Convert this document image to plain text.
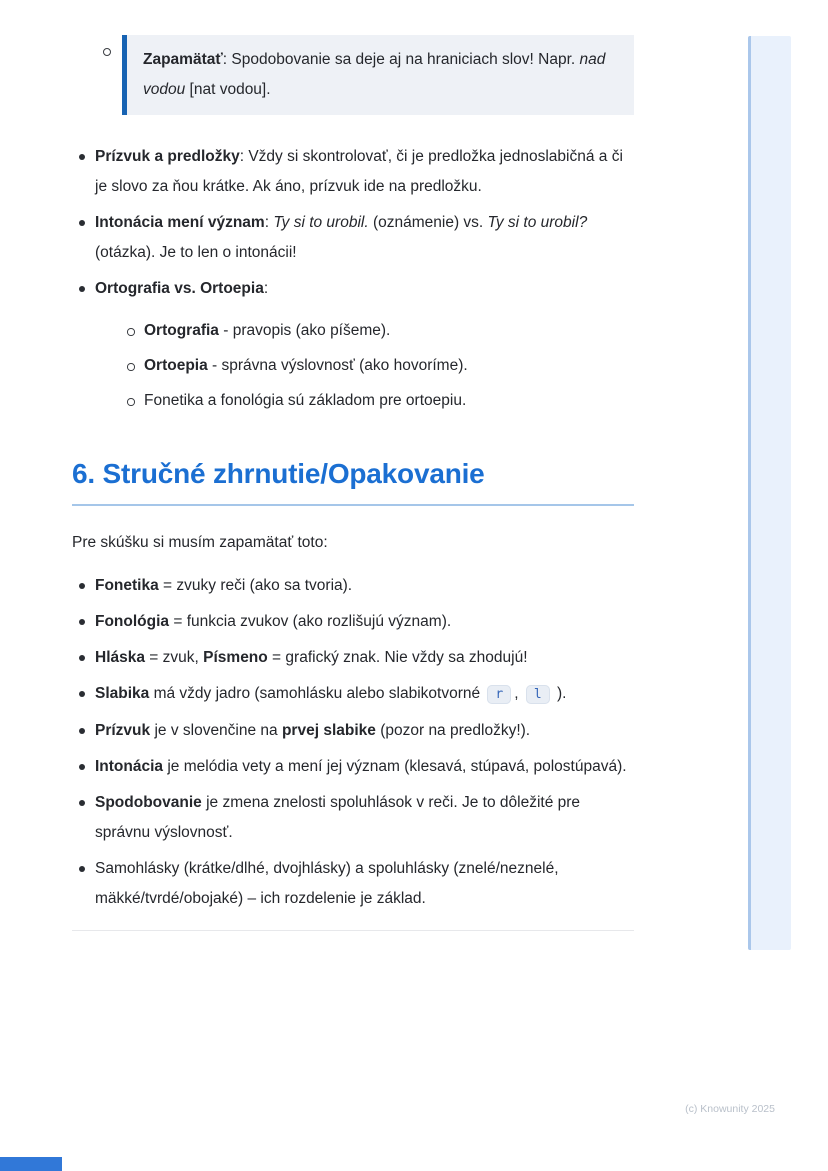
Zapamätať: Spodobovanie sa deje aj na hraniciach slov! Napr. nad vodou [nat vodou].

Prízvuk a predložky: Vždy si skontrolovať, či je predložka jednoslabičná a či je slovo za ňou krátke. Ak áno, prízvuk ide na predložku.
Intonácia mení význam: Ty si to urobil. (oznámenie) vs. Ty si to urobil? (otázka). Je to len o intonácii!
Ortografia vs. Ortoepia:
Ortografia - pravopis (ako píšeme).
Ortoepia - správna výslovnosť (ako hovoríme).
Fonetika a fonológia sú základom pre ortoepiu.
6. Stručné zhrnutie/Opakovanie

Pre skúšku si musím zapamätať toto:

Fonetika = zvuky reči (ako sa tvoria).
Fonológia = funkcia zvukov (ako rozlišujú význam).
Hláska = zvuk, Písmeno = grafický znak. Nie vždy sa zhodujú!
Slabika má vždy jadro (samohlásku alebo slabikotvorné r , l ).
Prízvuk je v slovenčine na prvej slabike (pozor na predložky!).
Intonácia je melódia vety a mení jej význam (klesavá, stúpavá, polostúpavá).
Spodobovanie je zmena znelosti spoluhlások v reči. Je to dôležité pre správnu výslovnosť.
Samohlásky (krátke/dlhé, dvojhlásky) a spoluhlásky (znelé/neznelé, mäkké/tvrdé/obojaké) – ich rozdelenie je základ.
(c) Knowunity 2025
